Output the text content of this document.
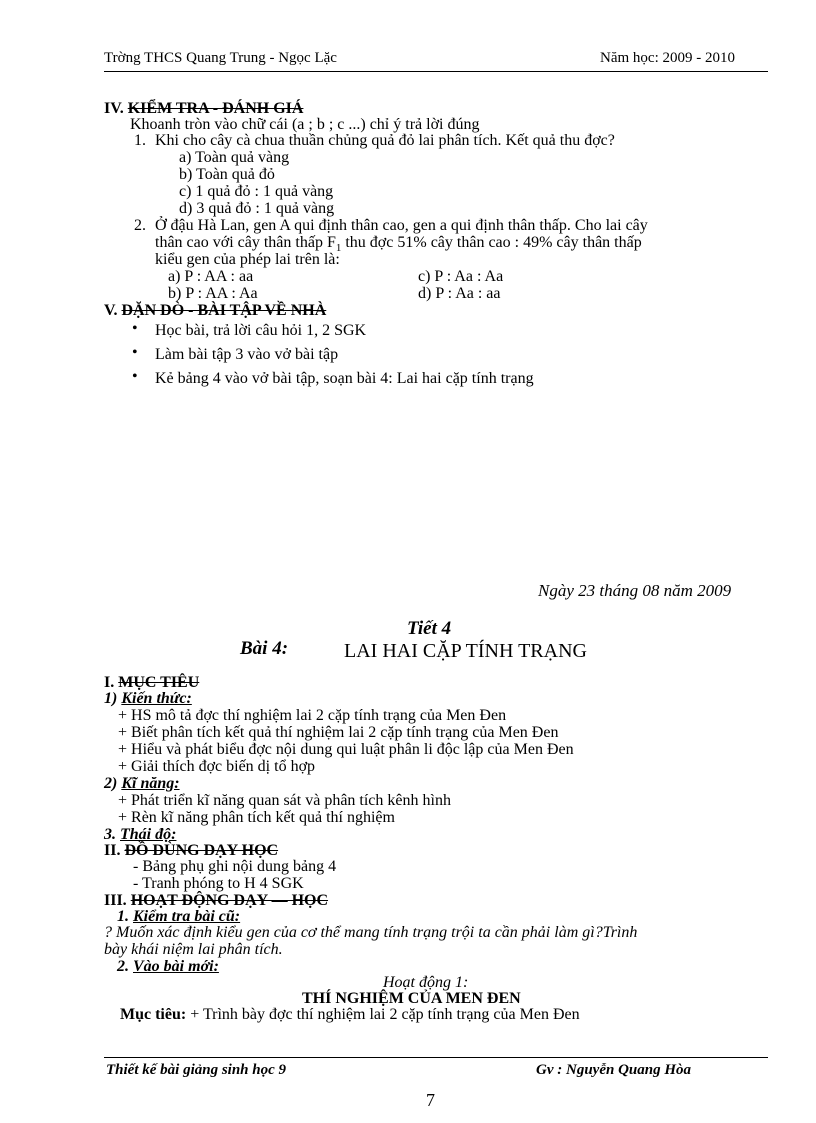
Trờng THCS Quang Trung - Ngọc Lặc	Năm học: 2009 - 2010
IV. KIỂM TRA - ĐÁNH GIÁ
Khoanh tròn vào chữ cái (a ; b ; c ...) chỉ ý trả lời đúng
1. Khi cho cây cà chua thuần chủng quả đỏ lai phân tích. Kết quả thu đợc?
a) Toàn quả vàng
b) Toàn quả đỏ
c) 1 quả đỏ : 1 quả vàng
d) 3 quả đỏ : 1 quả vàng
2. Ở đậu Hà Lan, gen A qui định thân cao, gen a qui định thân thấp. Cho lai cây
thân cao với cây thân thấp $F_1$ thu đợc 51% cây thân cao : 49% cây thân thấp
kiểu gen của phép lai trên là:
a) P : AA : aa
b) P : AA : Aa
c) P : Aa : Aa
d) P : Aa : aa
V. DẶN DÒ - BÀI TẬP VỀ NHÀ
• Học bài, trả lời câu hỏi 1, 2 SGK
• Làm bài tập 3 vào vở bài tập
• Kẻ bảng 4 vào vở bài tập, soạn bài 4: Lai hai cặp tính trạng
Ngày 23 tháng 08 năm 2009
Tiết 4
Bài 4:	LAI HAI CẶP TÍNH TRẠNG
I. MỤC TIÊU
1) Kiến thức:
+ HS mô tả đợc thí nghiệm lai 2 cặp tính trạng của Men Đen
+ Biết phân tích kết quả thí nghiệm lai 2 cặp tính trạng của Men Đen
+ Hiểu và phát biểu đợc nội dung qui luật phân li độc lập của Men Đen
+ Giải thích đợc biến dị tổ hợp
2) Kĩ năng:
+ Phát triển kĩ năng quan sát và phân tích kênh hình
+ Rèn kĩ năng phân tích kết quả thí nghiệm
3. Thái độ:
II. ĐỒ DÙNG DẠY HỌC
- Bảng phụ ghi nội dung bảng 4
- Tranh phóng to H 4 SGK
III. HOẠT ĐỘNG DẠY — HỌC
1. Kiểm tra bài cũ:
? Muốn xác định kiểu gen của cơ thể mang tính trạng trội ta cần phải làm gì?Trình
bày khái niệm lai phân tích.
2. Vào bài mới:
Hoạt động 1:
THÍ NGHIỆM CỦA MEN ĐEN
Mục tiêu: + Trình bày đợc thí nghiệm lai 2 cặp tính trạng của Men Đen
Thiết kế bài giảng sinh học 9	Gv : Nguyễn Quang Hòa
7
